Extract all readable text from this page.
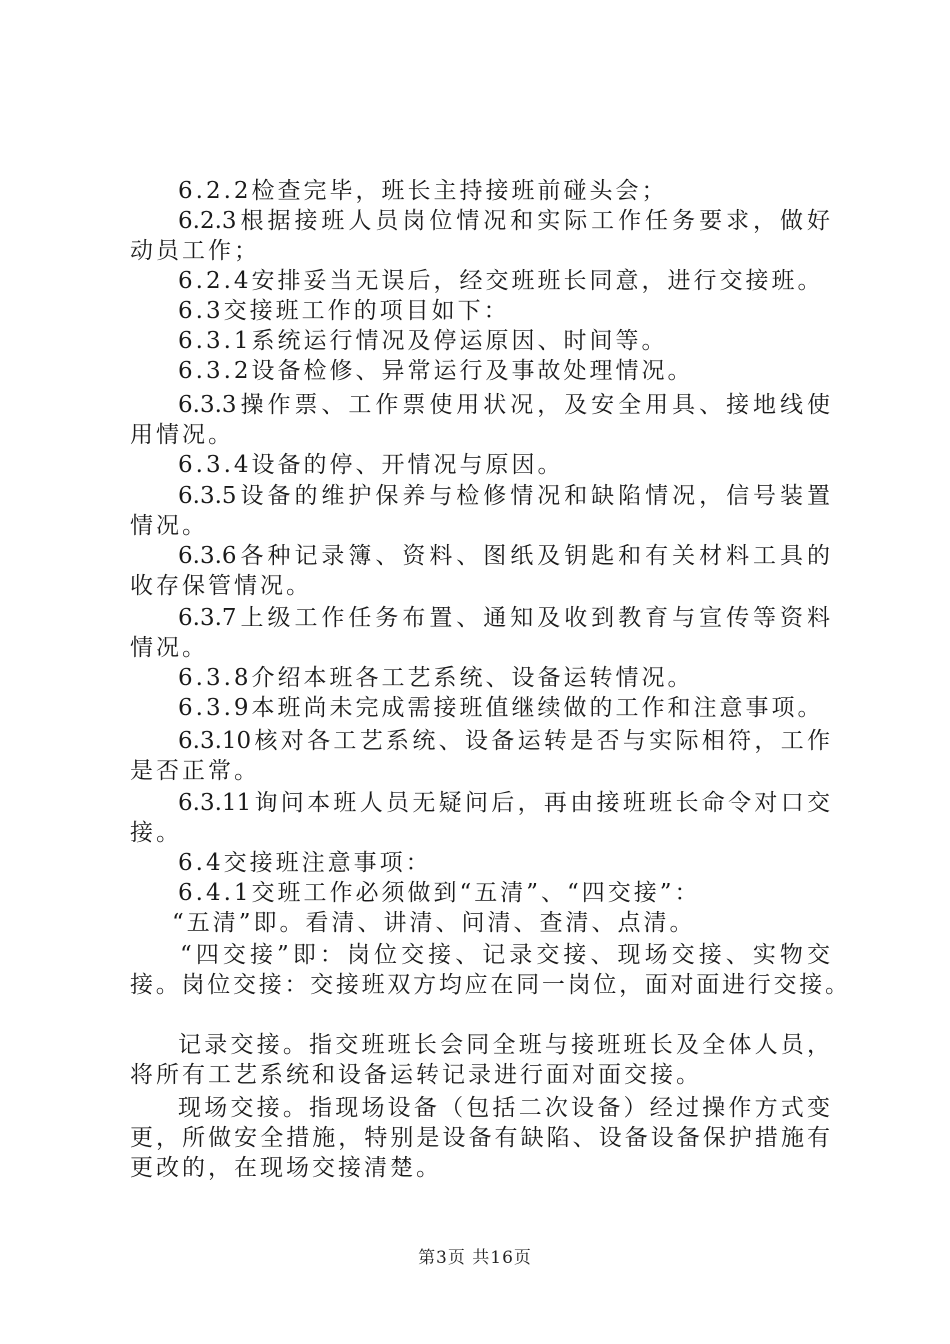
6.2.2检查完毕，班长主持接班前碰头会；
6.2.3根据接班人员岗位情况和实际工作任务要求，做好
动员工作；
6.2.4安排妥当无误后，经交班班长同意，进行交接班。
6.3交接班工作的项目如下：
6.3.1系统运行情况及停运原因、时间等。
6.3.2设备检修、异常运行及事故处理情况。
6.3.3操作票、工作票使用状况，及安全用具、接地线使
用情况。
6.3.4设备的停、开情况与原因。
6.3.5设备的维护保养与检修情况和缺陷情况，信号装置
情况。
6.3.6各种记录簿、资料、图纸及钥匙和有关材料工具的
收存保管情况。
6.3.7上级工作任务布置、通知及收到教育与宣传等资料
情况。
6.3.8介绍本班各工艺系统、设备运转情况。
6.3.9本班尚未完成需接班值继续做的工作和注意事项。
6.3.10核对各工艺系统、设备运转是否与实际相符，工作
是否正常。
6.3.11询问本班人员无疑问后，再由接班班长命令对口交
接。
6.4交接班注意事项：
6.4.1交班工作必须做到“五清”、“四交接”：
“五清”即。看清、讲清、问清、查清、点清。
“四交接”即：岗位交接、记录交接、现场交接、实物交
接。岗位交接：交接班双方均应在同一岗位，面对面进行交接。
记录交接。指交班班长会同全班与接班班长及全体人员，
将所有工艺系统和设备运转记录进行面对面交接。
现场交接。指现场设备（包括二次设备）经过操作方式变
更，所做安全措施，特别是设备有缺陷、设备设备保护措施有
更改的，在现场交接清楚。
第3页 共16页
